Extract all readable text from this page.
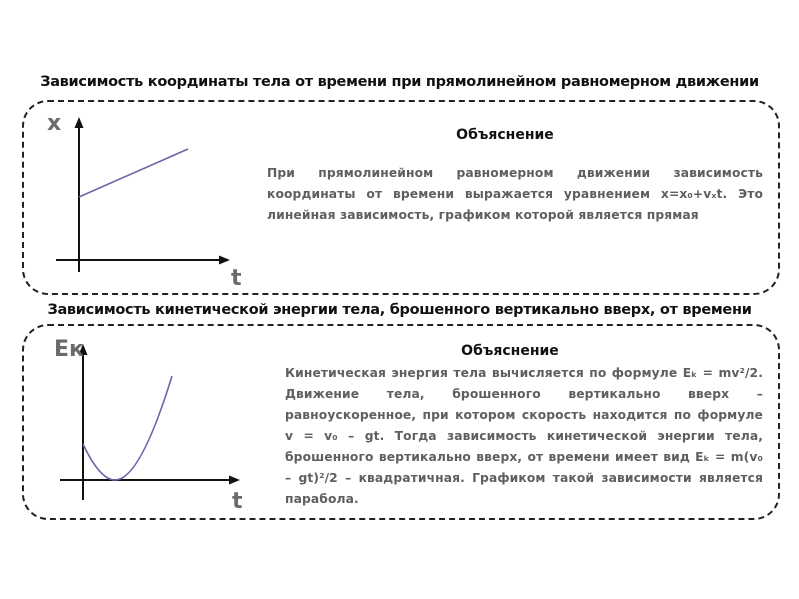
Зависимость координаты тела от времени при прямолинейном равномерном движении
x
t
Объяснение
При прямолинейном равномерном движении зависимость координаты от времени выражается уравнением x=x₀+vₓt. Это линейная зависимость, графиком которой является прямая
Зависимость кинетической энергии тела, брошенного вертикально вверх, от времени
Eк
t
Объяснение
Кинетическая энергия тела вычисляется по формуле Eₖ = mv²/2. Движение тела, брошенного вертикально вверх – равноускоренное, при котором скорость находится по формуле v = v₀ – gt. Тогда зависимость кинетической энергии тела, брошенного вертикально вверх, от времени имеет вид Eₖ = m(v₀ – gt)²/2 – квадратичная. Графиком такой зависимости является парабола.
